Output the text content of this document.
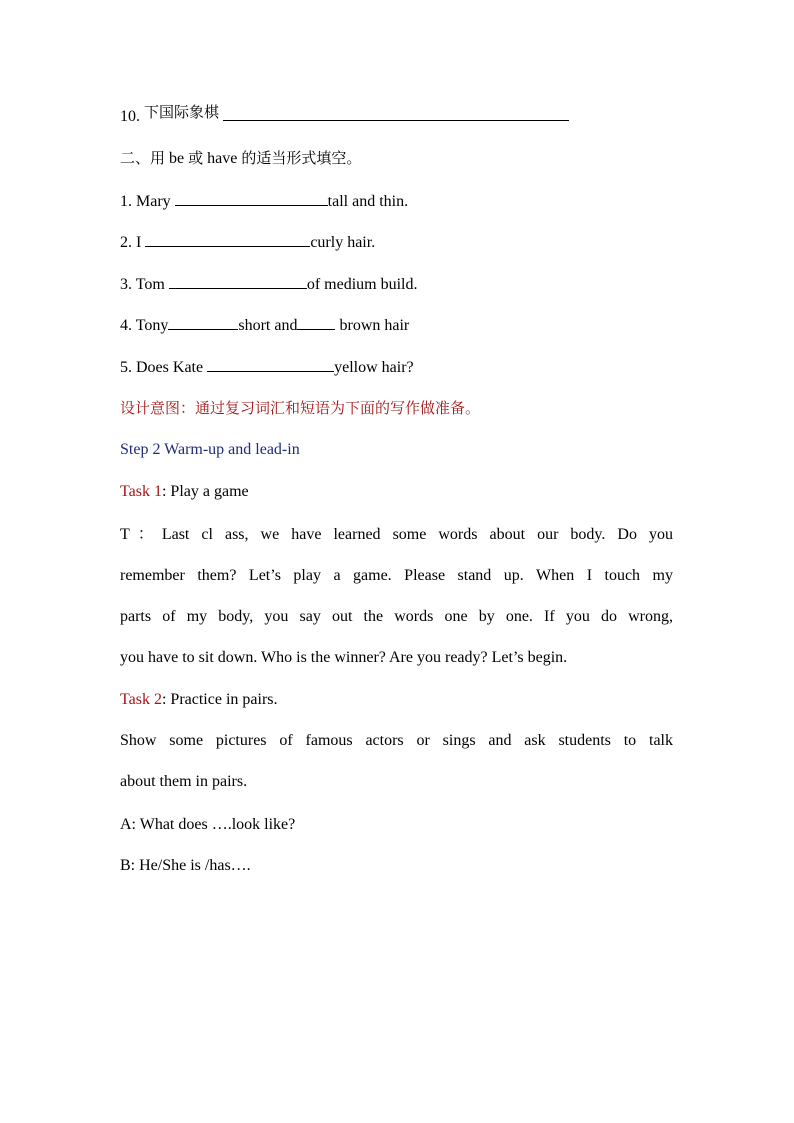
10. 下国际象棋
二、用 be 或 have 的适当形式填空。
1. Mary	tall and thin.
2. I	curly hair.
3. Tom	of medium build.
4. Tony	short and brown hair
5. Does Kate	yellow hair?
设计意图：通过复习词汇和短语为下面的写作做准备。
Step 2 Warm-up and lead-in
Task 1: Play a game

T：Last cl ass, we have learned some words about our body. Do you

remember them? Let’s play a game. Please stand up. When I touch my

parts of my body, you say out the words one by one. If you do wrong,

you have to sit down. Who is the winner? Are you ready? Let’s begin.

Task 2: Practice in pairs.

Show some pictures of famous actors or sings and ask students to talk

about them in pairs.

A: What does ….look like?
B: He/She is /has….
